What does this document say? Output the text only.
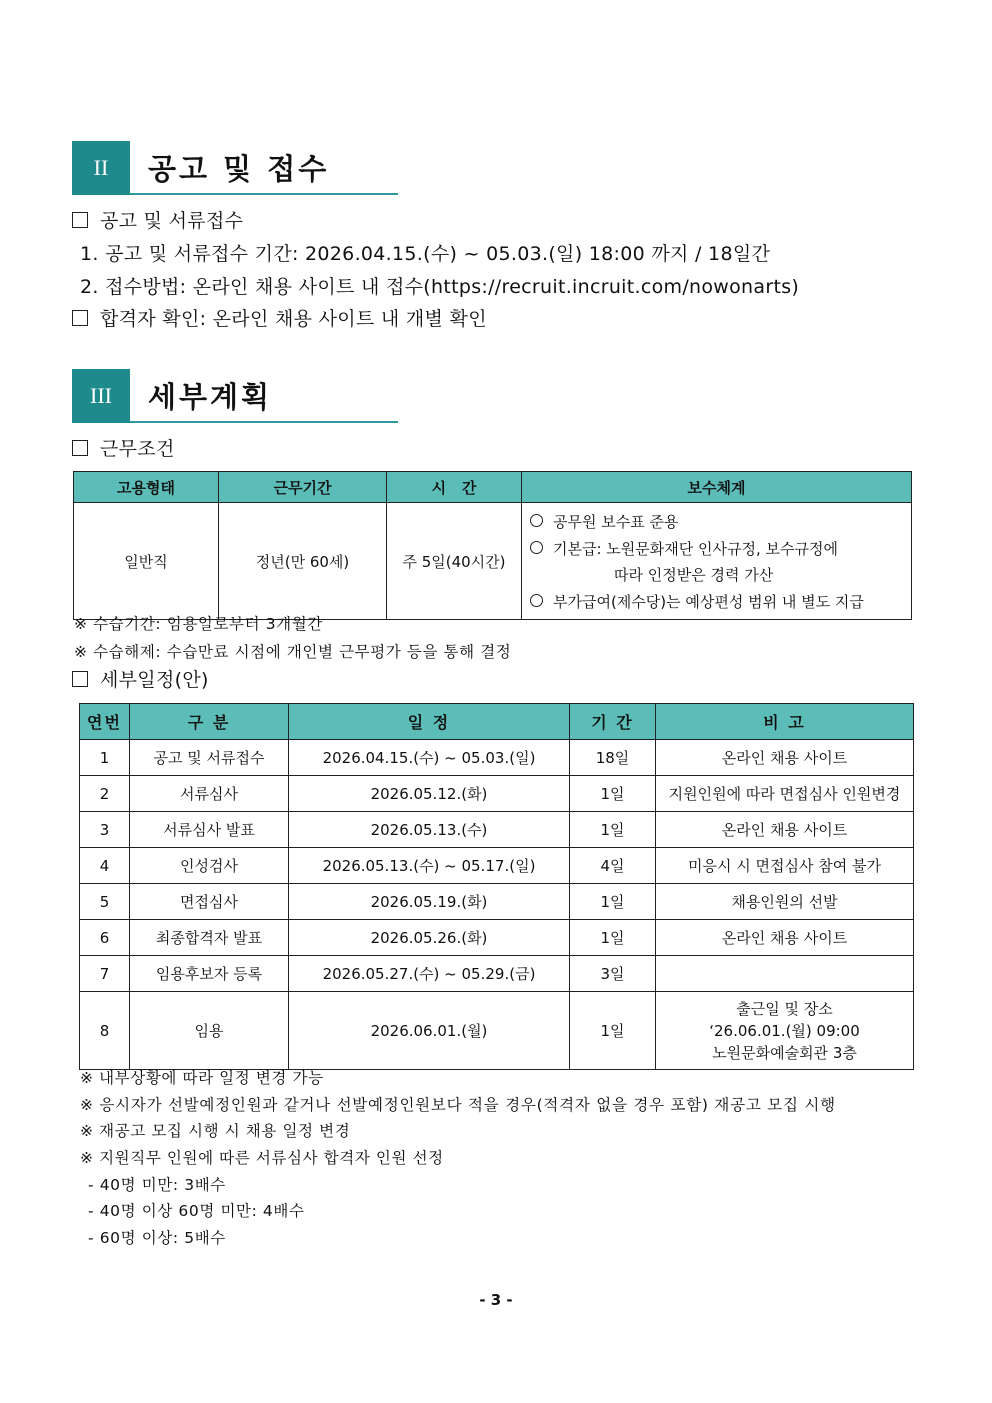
II	공고 및 접수
공고 및 서류접수
1. 공고 및 서류접수 기간: 2026.04.15.(수) ~ 05.03.(일) 18:00 까지 / 18일간
2. 접수방법: 온라인 채용 사이트 내 접수(https://recruit.incruit.com/nowonarts)
합격자 확인: 온라인 채용 사이트 내 개별 확인
III	세부계획
근무조건
고용형태	근무기간	시   간	보수체계
일반직	정년(만 60세)	주 5일(40시간)	공무원 보수표 준용
기본급: 노원문화재단 인사규정, 보수규정에
따라 인정받은 경력 가산
부가급여(제수당)는 예상편성 범위 내 별도 지급
※ 수습기간: 임용일로부터 3개월간
※ 수습해제: 수습만료 시점에 개인별 근무평가 등을 통해 결정
세부일정(안)
연번	구 분	일 정	기 간	비 고
1	공고 및 서류접수	2026.04.15.(수) ~ 05.03.(일)	18일	온라인 채용 사이트
2	서류심사	2026.05.12.(화)	1일	지원인원에 따라 면접심사 인원변경
3	서류심사 발표	2026.05.13.(수)	1일	온라인 채용 사이트
4	인성검사	2026.05.13.(수) ~ 05.17.(일)	4일	미응시 시 면접심사 참여 불가
5	면접심사	2026.05.19.(화)	1일	채용인원의 선발
6	최종합격자 발표	2026.05.26.(화)	1일	온라인 채용 사이트
7	임용후보자 등록	2026.05.27.(수) ~ 05.29.(금)	3일	
8	임용	2026.06.01.(월)	1일	출근일 및 장소
‘26.06.01.(월) 09:00
노원문화예술회관 3층
※ 내부상황에 따라 일정 변경 가능
※ 응시자가 선발예정인원과 같거나 선발예정인원보다 적을 경우(적격자 없을 경우 포함) 재공고 모집 시행
※ 재공고 모집 시행 시 채용 일정 변경
※ 지원직무 인원에 따른 서류심사 합격자 인원 선정
- 40명 미만: 3배수
- 40명 이상 60명 미만: 4배수
- 60명 이상: 5배수
- 3 -
